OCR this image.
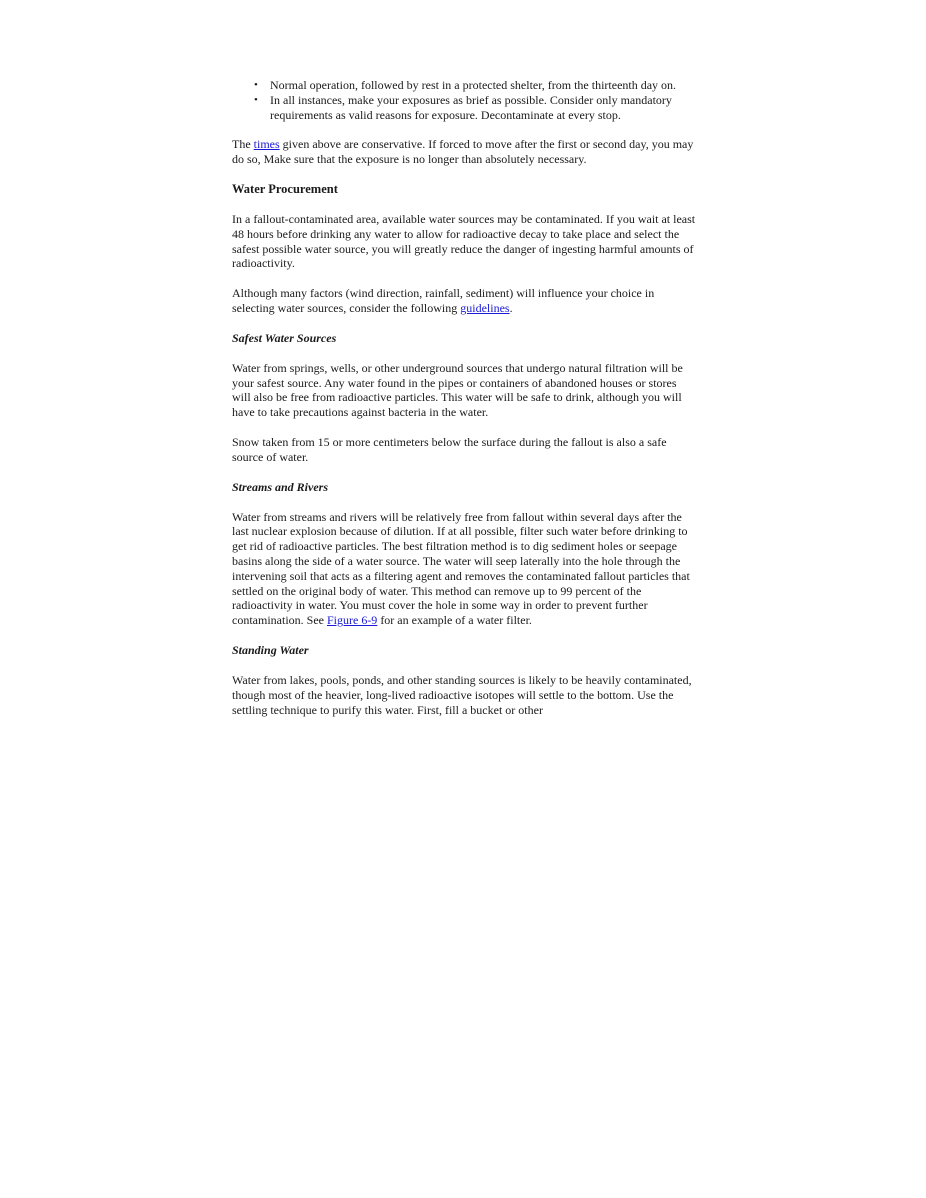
• Normal operation, followed by rest in a protected shelter, from the thirteenth day on.
• In all instances, make your exposures as brief as possible. Consider only mandatory requirements as valid reasons for exposure. Decontaminate at every stop.

The times given above are conservative. If forced to move after the first or second day, you may do so, Make sure that the exposure is no longer than absolutely necessary.

Water Procurement

In a fallout-contaminated area, available water sources may be contaminated. If you wait at least 48 hours before drinking any water to allow for radioactive decay to take place and select the safest possible water source, you will greatly reduce the danger of ingesting harmful amounts of radioactivity.

Although many factors (wind direction, rainfall, sediment) will influence your choice in selecting water sources, consider the following guidelines.

Safest Water Sources

Water from springs, wells, or other underground sources that undergo natural filtration will be your safest source. Any water found in the pipes or containers of abandoned houses or stores will also be free from radioactive particles. This water will be safe to drink, although you will have to take precautions against bacteria in the water.

Snow taken from 15 or more centimeters below the surface during the fallout is also a safe source of water.

Streams and Rivers

Water from streams and rivers will be relatively free from fallout within several days after the last nuclear explosion because of dilution. If at all possible, filter such water before drinking to get rid of radioactive particles. The best filtration method is to dig sediment holes or seepage basins along the side of a water source. The water will seep laterally into the hole through the intervening soil that acts as a filtering agent and removes the contaminated fallout particles that settled on the original body of water. This method can remove up to 99 percent of the radioactivity in water. You must cover the hole in some way in order to prevent further contamination. See Figure 6-9 for an example of a water filter.

Standing Water

Water from lakes, pools, ponds, and other standing sources is likely to be heavily contaminated, though most of the heavier, long-lived radioactive isotopes will settle to the bottom. Use the settling technique to purify this water. First, fill a bucket or other
